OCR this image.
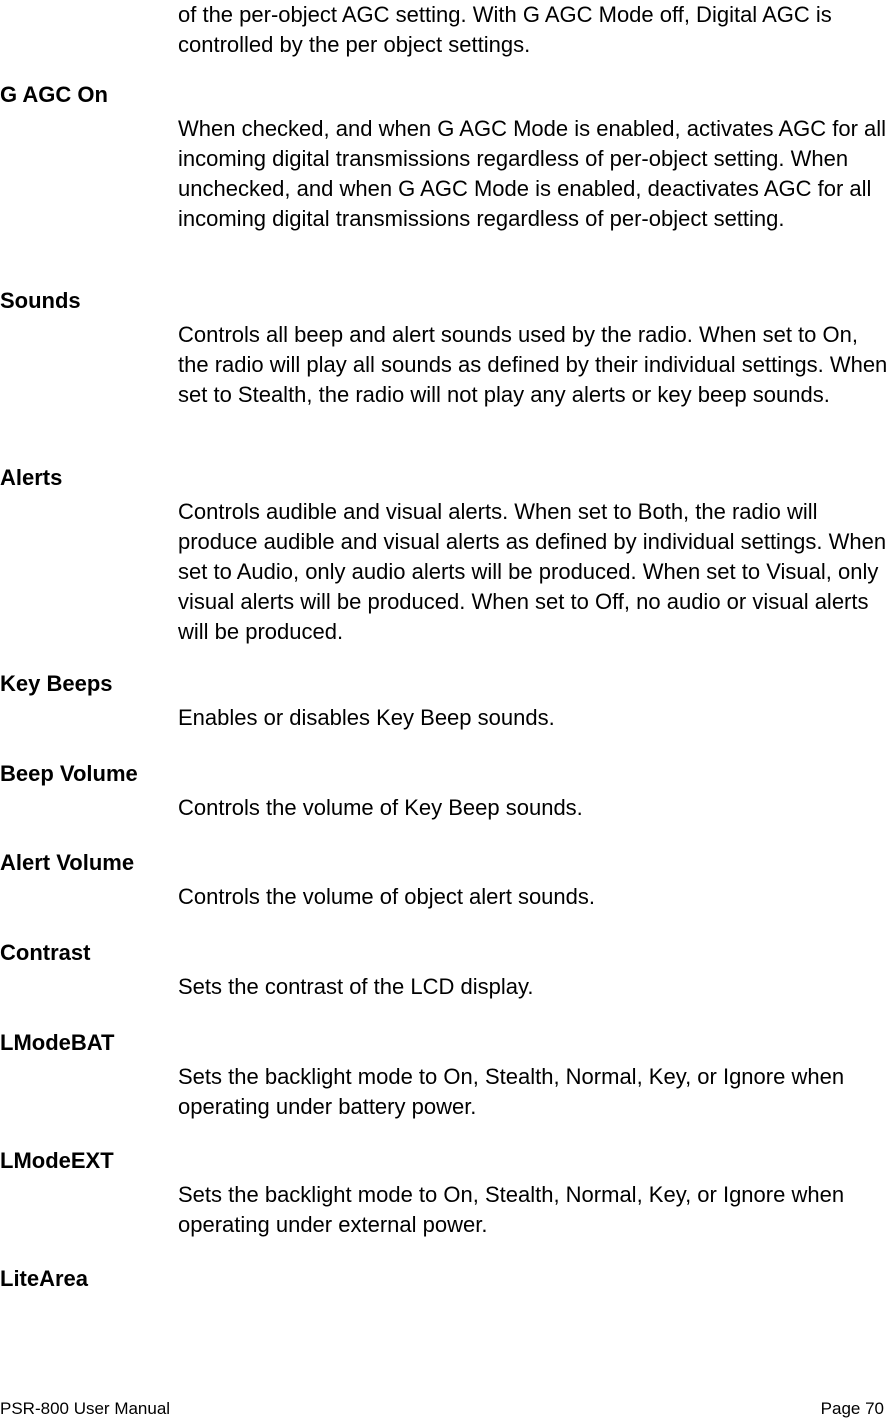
of the per-object AGC setting. With G AGC Mode off, Digital AGC is controlled by the per object settings.
G AGC On
When checked, and when G AGC Mode is enabled, activates AGC for all incoming digital transmissions regardless of per-object setting. When unchecked, and when G AGC Mode is enabled, deactivates AGC for all incoming digital transmissions regardless of per-object setting.
Sounds
Controls all beep and alert sounds used by the radio. When set to On, the radio will play all sounds as defined by their individual settings. When set to Stealth, the radio will not play any alerts or key beep sounds.
Alerts
Controls audible and visual alerts. When set to Both, the radio will produce audible and visual alerts as defined by individual settings. When set to Audio, only audio alerts will be produced. When set to Visual, only visual alerts will be produced. When set to Off, no audio or visual alerts will be produced.
Key Beeps
Enables or disables Key Beep sounds.
Beep Volume
Controls the volume of Key Beep sounds.
Alert Volume
Controls the volume of object alert sounds.
Contrast
Sets the contrast of the LCD display.
LModeBAT
Sets the backlight mode to On, Stealth, Normal, Key, or Ignore when operating under battery power.
LModeEXT
Sets the backlight mode to On, Stealth, Normal, Key, or Ignore when operating under external power.
LiteArea
PSR-800 User Manual	Page 70
